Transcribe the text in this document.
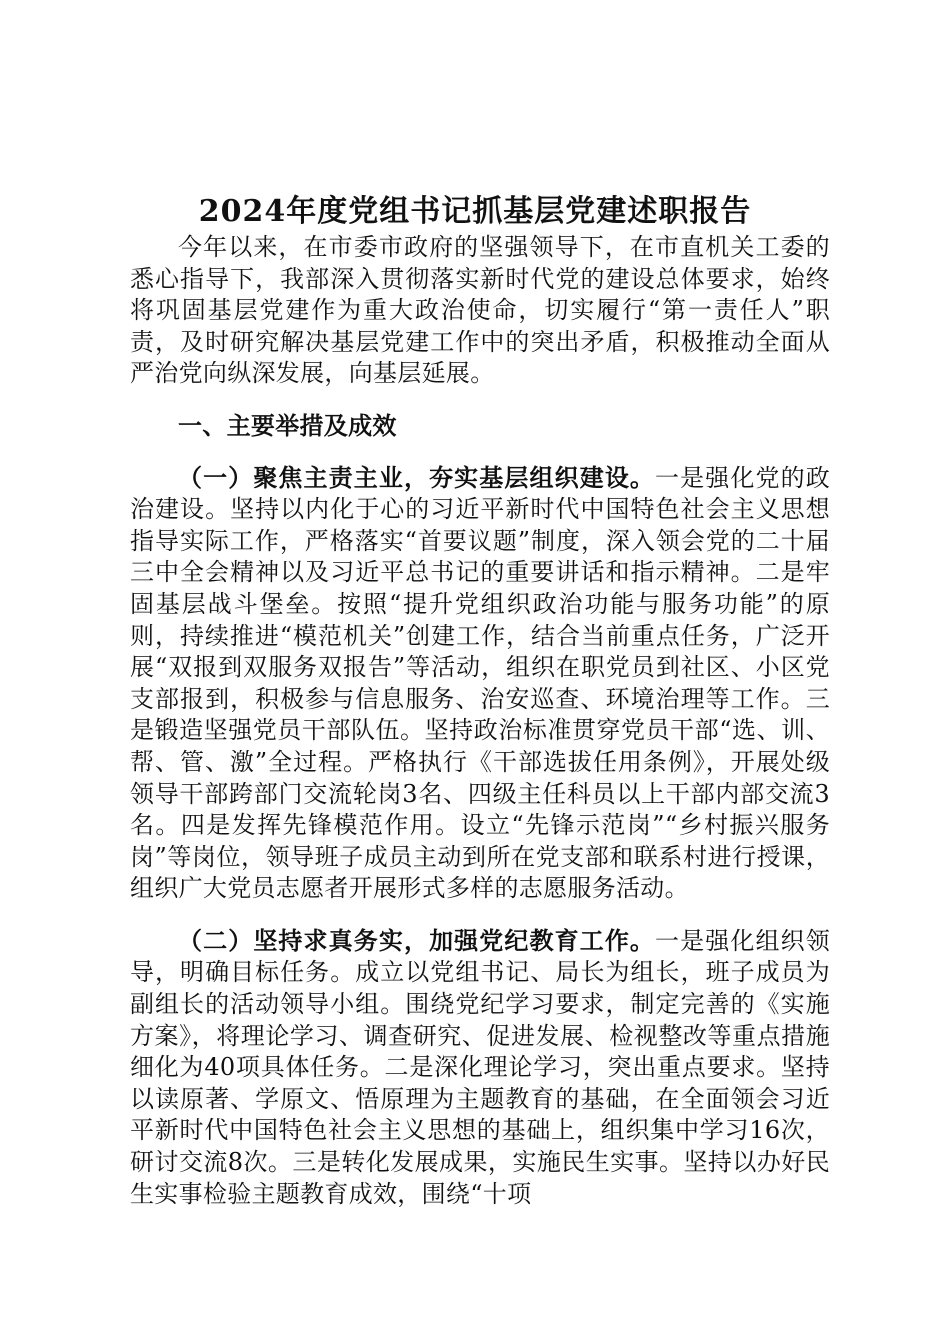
2024年度党组书记抓基层党建述职报告

今年以来，在市委市政府的坚强领导下，在市直机关工委的悉心指导下，我部深入贯彻落实新时代党的建设总体要求，始终将巩固基层党建作为重大政治使命，切实履行“第一责任人”职责，及时研究解决基层党建工作中的突出矛盾，积极推动全面从严治党向纵深发展，向基层延展。

一、主要举措及成效

（一）聚焦主责主业，夯实基层组织建设。一是强化党的政治建设。坚持以内化于心的习近平新时代中国特色社会主义思想指导实际工作，严格落实“首要议题”制度，深入领会党的二十届三中全会精神以及习近平总书记的重要讲话和指示精神。二是牢固基层战斗堡垒。按照“提升党组织政治功能与服务功能”的原则，持续推进“模范机关”创建工作，结合当前重点任务，广泛开展“双报到双服务双报告”等活动，组织在职党员到社区、小区党支部报到，积极参与信息服务、治安巡查、环境治理等工作。三是锻造坚强党员干部队伍。坚持政治标准贯穿党员干部“选、训、帮、管、激”全过程。严格执行《干部选拔任用条例》，开展处级领导干部跨部门交流轮岗3名、四级主任科员以上干部内部交流3名。四是发挥先锋模范作用。设立“先锋示范岗”“乡村振兴服务岗”等岗位，领导班子成员主动到所在党支部和联系村进行授课，组织广大党员志愿者开展形式多样的志愿服务活动。

（二）坚持求真务实，加强党纪教育工作。一是强化组织领导，明确目标任务。成立以党组书记、局长为组长，班子成员为副组长的活动领导小组。围绕党纪学习要求，制定完善的《实施方案》，将理论学习、调查研究、促进发展、检视整改等重点措施细化为40项具体任务。二是深化理论学习，突出重点要求。坚持以读原著、学原文、悟原理为主题教育的基础，在全面领会习近平新时代中国特色社会主义思想的基础上，组织集中学习16次，研讨交流8次。三是转化发展成果，实施民生实事。坚持以办好民生实事检验主题教育成效，围绕“十项
